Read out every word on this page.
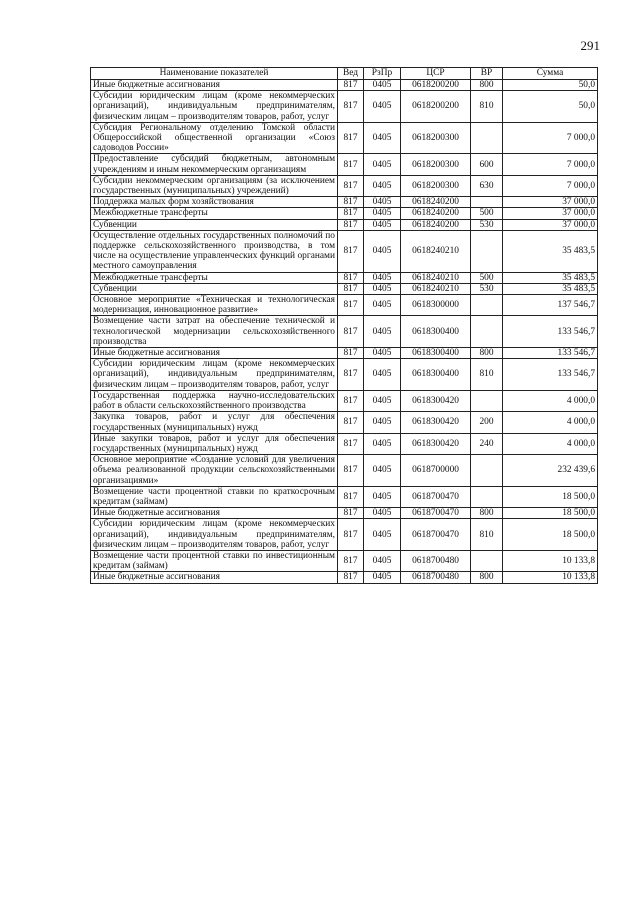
291
Наименование показателей	Вед	РзПр	ЦСР	ВР	Сумма
Иные бюджетные ассигнования	817	0405	0618200200	800	50,0
Субсидии юридическим лицам (кроме некоммерческих организаций), индивидуальным предпринимателям, физическим лицам – производителям товаров, работ, услуг	817	0405	0618200200	810	50,0
Субсидия Региональному отделению Томской области Общероссийской общественной организации «Союз садоводов России»	817	0405	0618200300		7 000,0
Предоставление субсидий бюджетным, автономным учреждениям и иным некоммерческим организациям	817	0405	0618200300	600	7 000,0
Субсидии некоммерческим организациям (за исключением государственных (муниципальных) учреждений)	817	0405	0618200300	630	7 000,0
Поддержка малых форм хозяйствования	817	0405	0618240200		37 000,0
Межбюджетные трансферты	817	0405	0618240200	500	37 000,0
Субвенции	817	0405	0618240200	530	37 000,0
Осуществление отдельных государственных полномочий по поддержке сельскохозяйственного производства, в том числе на осуществление управленческих функций органами местного самоуправления	817	0405	0618240210		35 483,5
Межбюджетные трансферты	817	0405	0618240210	500	35 483,5
Субвенции	817	0405	0618240210	530	35 483,5
Основное мероприятие «Техническая и технологическая модернизация, инновационное развитие»	817	0405	0618300000		137 546,7
Возмещение части затрат на обеспечение технической и технологической модернизации сельскохозяйственного производства	817	0405	0618300400		133 546,7
Иные бюджетные ассигнования	817	0405	0618300400	800	133 546,7
Субсидии юридическим лицам (кроме некоммерческих организаций), индивидуальным предпринимателям, физическим лицам – производителям товаров, работ, услуг	817	0405	0618300400	810	133 546,7
Государственная поддержка научно-исследовательских работ в области сельскохозяйственного производства	817	0405	0618300420		4 000,0
Закупка товаров, работ и услуг для обеспечения государственных (муниципальных) нужд	817	0405	0618300420	200	4 000,0
Иные закупки товаров, работ и услуг для обеспечения государственных (муниципальных) нужд	817	0405	0618300420	240	4 000,0
Основное мероприятие «Создание условий для увеличения объема реализованной продукции сельскохозяйственными организациями»	817	0405	0618700000		232 439,6
Возмещение части процентной ставки по краткосрочным кредитам (займам)	817	0405	0618700470		18 500,0
Иные бюджетные ассигнования	817	0405	0618700470	800	18 500,0
Субсидии юридическим лицам (кроме некоммерческих организаций), индивидуальным предпринимателям, физическим лицам – производителям товаров, работ, услуг	817	0405	0618700470	810	18 500,0
Возмещение части процентной ставки по инвестиционным кредитам (займам)	817	0405	0618700480		10 133,8
Иные бюджетные ассигнования	817	0405	0618700480	800	10 133,8
